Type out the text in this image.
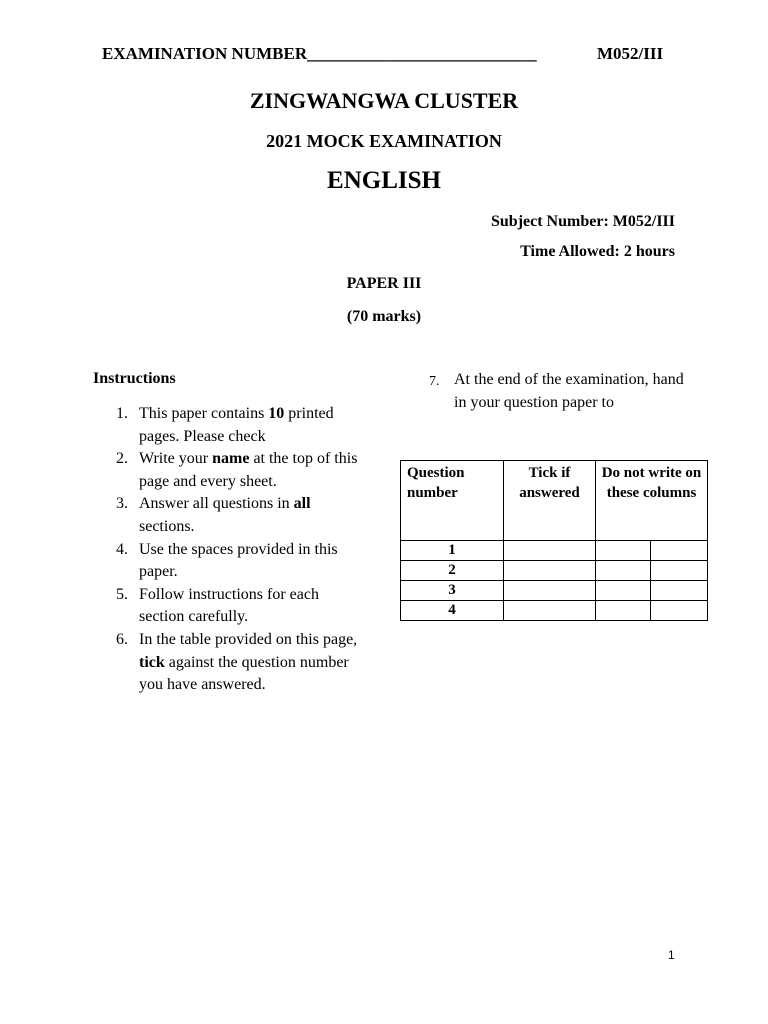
EXAMINATION NUMBER___________________________	M052/III
ZINGWANGWA CLUSTER
2021 MOCK EXAMINATION
ENGLISH
Subject Number: M052/III
Time Allowed: 2 hours
PAPER III
(70 marks)
Instructions
1. This paper contains 10 printed pages. Please check
2. Write your name at the top of this page and every sheet.
3. Answer all questions in all sections.
4. Use the spaces provided in this paper.
5. Follow instructions for each section carefully.
6. In the table provided on this page, tick against the question number you have answered.
7. At the end of the examination, hand in your question paper to
Question number	Tick if answered	Do not write on these columns	
1			
2			
3			
4			
1
